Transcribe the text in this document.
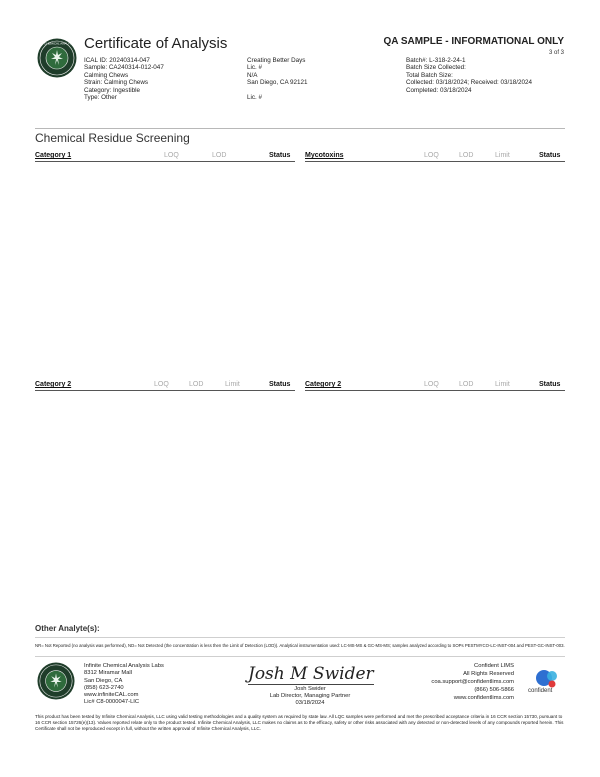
INFINITE CHEMICAL ANALYSIS LABS Certificate of Analysis	QA SAMPLE - INFORMATIONAL ONLY
3 of 3
ICAL ID: 20240314-047
Sample: CA240314-012-047
Calming Chews
Strain: Calming Chews
Category: Ingestible
Type: Other
Creating Better Days
Lic. #
N/A
San Diego, CA 92121
Lic. #
Batch#: L-318-2-24-1
Batch Size Collected:
Total Batch Size:
Collected: 03/18/2024; Received: 03/18/2024
Completed: 03/18/2024
Chemical Residue Screening
Category 1	LOQ	LOD	Status Mycotoxins	LOQ	LOD	Limit	Status
Category 2	LOQ	LOD	Limit	Status Category 2	LOQ	LOD	Limit	Status
Other Analyte(s):
NR= Not Reported (no analysis was performed), ND= Not Detected (the concentration is less then the Limit of Detection (LOD)). Analytical instrumentation used: LC-MS-MS & GC-MS-MS; samples analyzed according to SOPs PESTMYCO-LC-INST-004 and PEST-GC-INST-003.
Infinite Chemical Analysis Labs
8312 Miramar Mall
San Diego, CA
(858) 623-2740
www.infiniteCAL.com
Lic# C8-0000047-LIC
Josh M Swider
Josh Swider
Lab Director, Managing Partner
03/18/2024
Confident LIMS
All Rights Reserved
coa.support@confidentlims.com
(866) 506-5866
www.confidentlims.com
confident
This product has been tested by Infinite Chemical Analysis, LLC using valid testing methodologies and a quality system as required by state law. All LQC samples were performed and met the prescribed acceptance criteria in 16 CCR section 15730, pursuant to 16 CCR section 15726(e)(13). Values reported relate only to the product tested. Infinite Chemical Analysis, LLC makes no claims as to the efficacy, safety or other risks associated with any detected or non-detected levels of any compounds reported herein. This Certificate shall not be reproduced except in full, without the written approval of Infinite Chemical Analysis, LLC.
